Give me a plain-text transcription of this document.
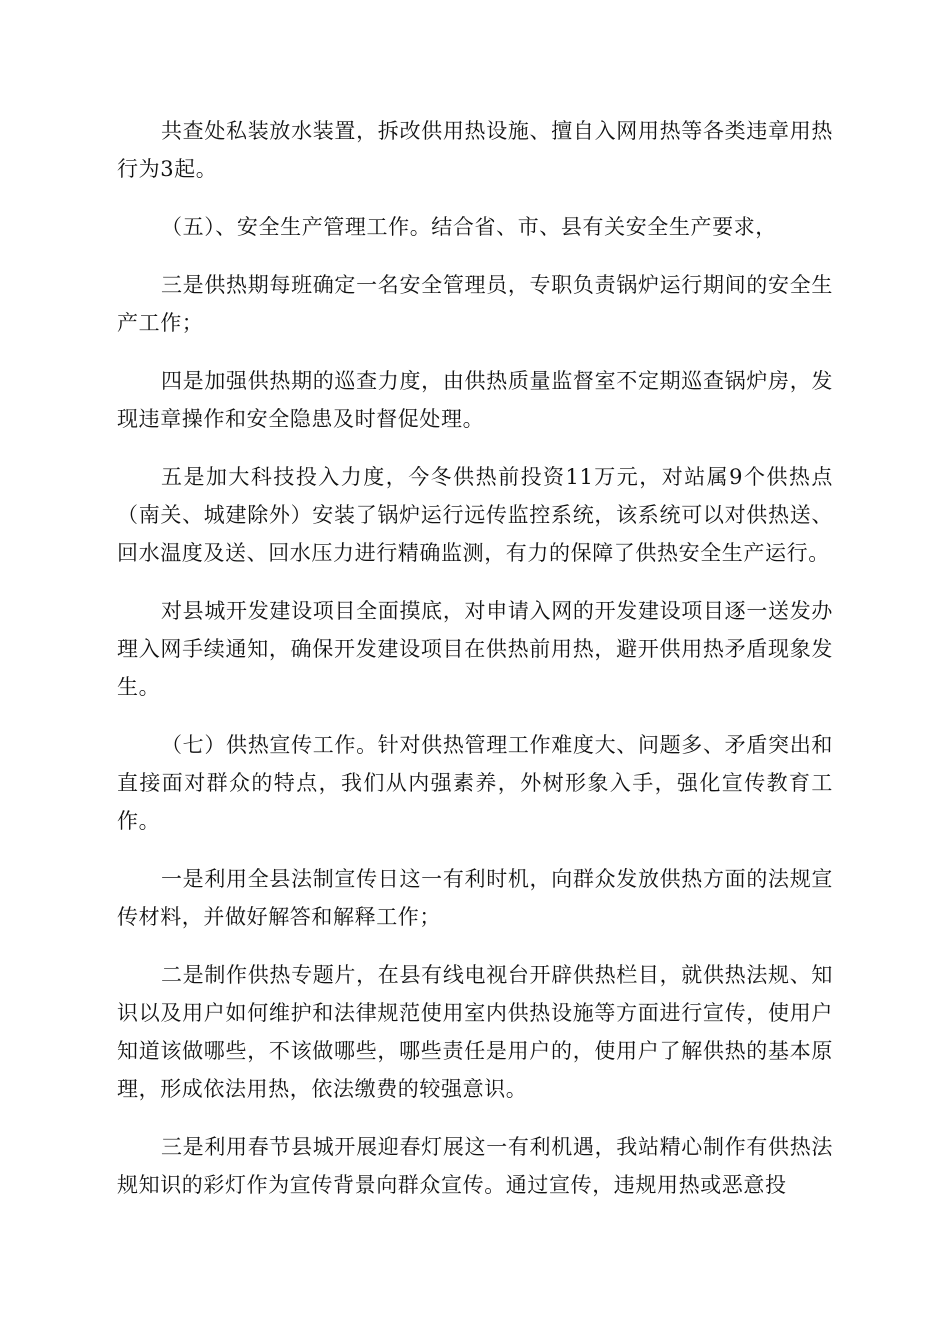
共查处私装放水装置，拆改供用热设施、擅自入网用热等各类违章用热行为3起。

（五）、安全生产管理工作。结合省、市、县有关安全生产要求，

三是供热期每班确定一名安全管理员，专职负责锅炉运行期间的安全生产工作；

四是加强供热期的巡查力度，由供热质量监督室不定期巡查锅炉房，发现违章操作和安全隐患及时督促处理。

五是加大科技投入力度，今冬供热前投资11万元，对站属9个供热点（南关、城建除外）安装了锅炉运行远传监控系统，该系统可以对供热送、回水温度及送、回水压力进行精确监测，有力的保障了供热安全生产运行。

对县城开发建设项目全面摸底，对申请入网的开发建设项目逐一送发办理入网手续通知，确保开发建设项目在供热前用热，避开供用热矛盾现象发生。

（七）供热宣传工作。针对供热管理工作难度大、问题多、矛盾突出和直接面对群众的特点，我们从内强素养，外树形象入手，强化宣传教育工作。

一是利用全县法制宣传日这一有利时机，向群众发放供热方面的法规宣传材料，并做好解答和解释工作；

二是制作供热专题片，在县有线电视台开辟供热栏目，就供热法规、知识以及用户如何维护和法律规范使用室内供热设施等方面进行宣传，使用户知道该做哪些，不该做哪些，哪些责任是用户的，使用户了解供热的基本原理，形成依法用热，依法缴费的较强意识。

三是利用春节县城开展迎春灯展这一有利机遇，我站精心制作有供热法规知识的彩灯作为宣传背景向群众宣传。通过宣传，违规用热或恶意投
